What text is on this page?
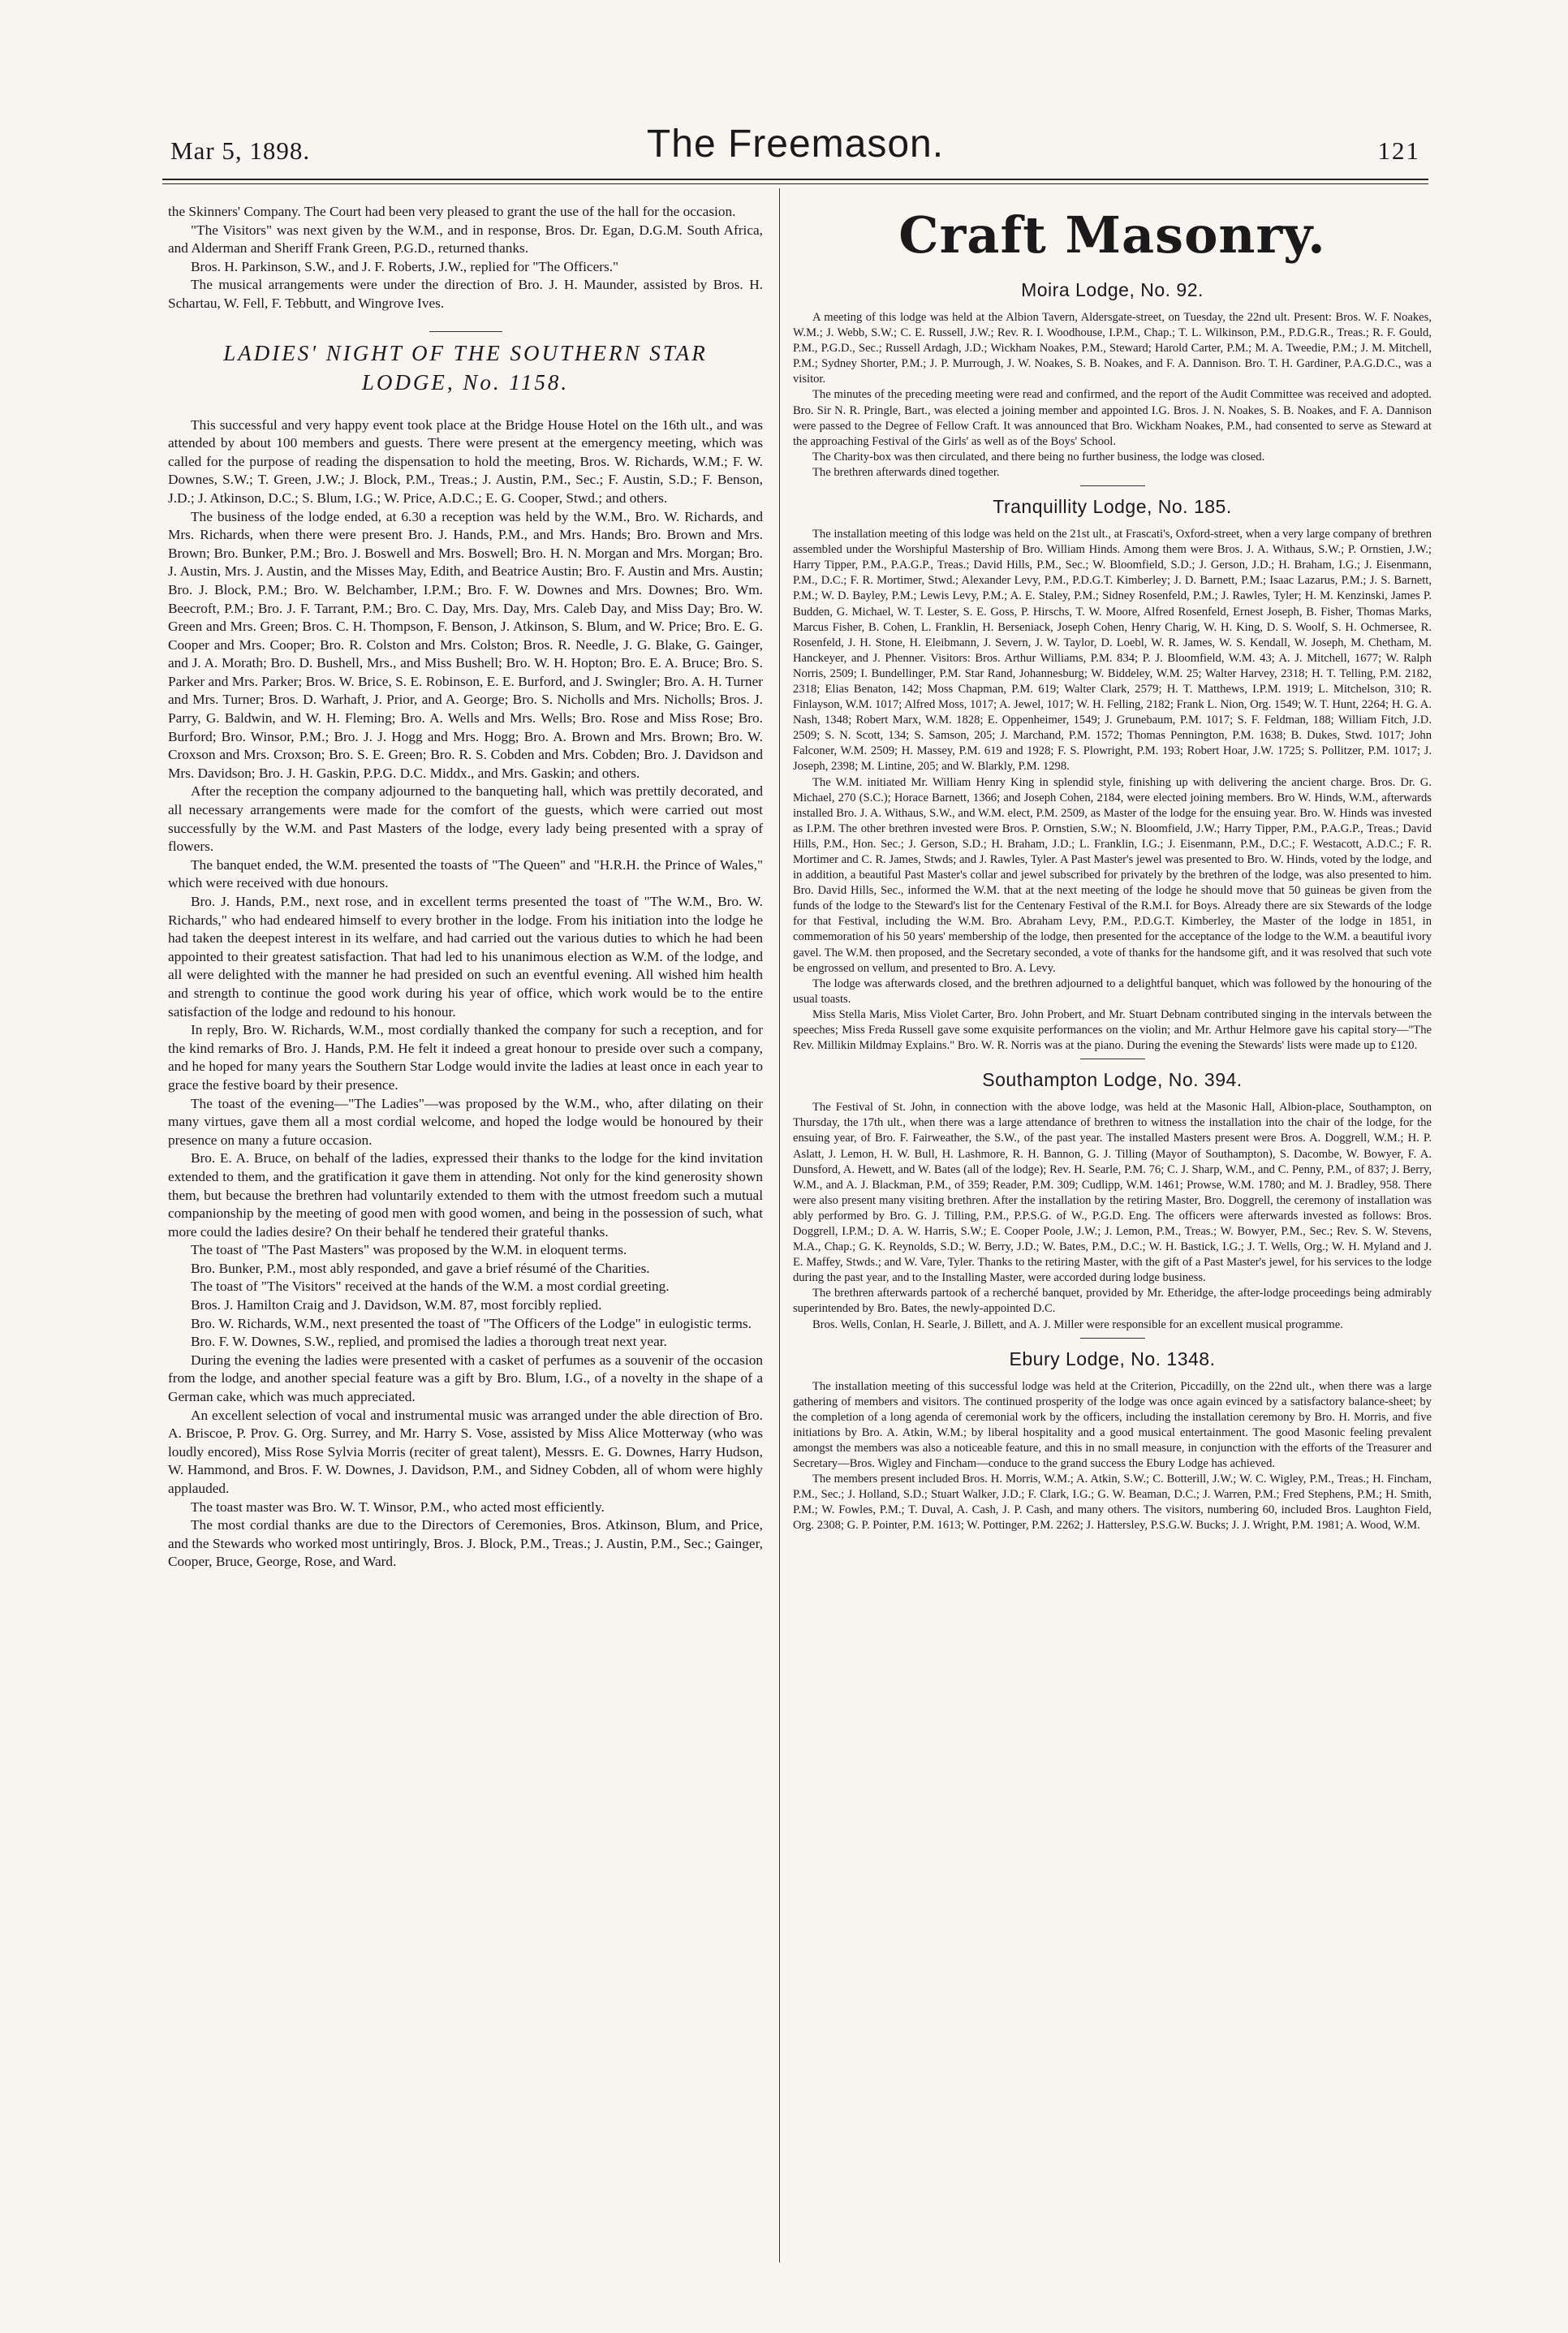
Mar 5, 1898.	The Freemason.	121

the Skinners' Company. The Court had been very pleased to grant the use of the hall for the occasion.

"The Visitors" was next given by the W.M., and in response, Bros. Dr. Egan, D.G.M. South Africa, and Alderman and Sheriff Frank Green, P.G.D., returned thanks.

Bros. H. Parkinson, S.W., and J. F. Roberts, J.W., replied for "The Officers."

The musical arrangements were under the direction of Bro. J. H. Maunder, assisted by Bros. H. Schartau, W. Fell, F. Tebbutt, and Wingrove Ives.

LADIES' NIGHT OF THE SOUTHERN STAR
LODGE, No. 1158.

This successful and very happy event took place at the Bridge House Hotel on the 16th ult., and was attended by about 100 members and guests. There were present at the emergency meeting, which was called for the purpose of reading the dispensation to hold the meeting, Bros. W. Richards, W.M.; F. W. Downes, S.W.; T. Green, J.W.; J. Block, P.M., Treas.; J. Austin, P.M., Sec.; F. Austin, S.D.; F. Benson, J.D.; J. Atkinson, D.C.; S. Blum, I.G.; W. Price, A.D.C.; E. G. Cooper, Stwd.; and others.

The business of the lodge ended, at 6.30 a reception was held by the W.M., Bro. W. Richards, and Mrs. Richards, when there were present Bro. J. Hands, P.M., and Mrs. Hands; Bro. Brown and Mrs. Brown; Bro. Bunker, P.M.; Bro. J. Boswell and Mrs. Boswell; Bro. H. N. Morgan and Mrs. Morgan; Bro. J. Austin, Mrs. J. Austin, and the Misses May, Edith, and Beatrice Austin; Bro. F. Austin and Mrs. Austin; Bro. J. Block, P.M.; Bro. W. Belchamber, I.P.M.; Bro. F. W. Downes and Mrs. Downes; Bro. Wm. Beecroft, P.M.; Bro. J. F. Tarrant, P.M.; Bro. C. Day, Mrs. Day, Mrs. Caleb Day, and Miss Day; Bro. W. Green and Mrs. Green; Bros. C. H. Thompson, F. Benson, J. Atkinson, S. Blum, and W. Price; Bro. E. G. Cooper and Mrs. Cooper; Bro. R. Colston and Mrs. Colston; Bros. R. Needle, J. G. Blake, G. Gainger, and J. A. Morath; Bro. D. Bushell, Mrs., and Miss Bushell; Bro. W. H. Hopton; Bro. E. A. Bruce; Bro. S. Parker and Mrs. Parker; Bros. W. Brice, S. E. Robinson, E. E. Burford, and J. Swingler; Bro. A. H. Turner and Mrs. Turner; Bros. D. Warhaft, J. Prior, and A. George; Bro. S. Nicholls and Mrs. Nicholls; Bros. J. Parry, G. Baldwin, and W. H. Fleming; Bro. A. Wells and Mrs. Wells; Bro. Rose and Miss Rose; Bro. Burford; Bro. Winsor, P.M.; Bro. J. J. Hogg and Mrs. Hogg; Bro. A. Brown and Mrs. Brown; Bro. W. Croxson and Mrs. Croxson; Bro. S. E. Green; Bro. R. S. Cobden and Mrs. Cobden; Bro. J. Davidson and Mrs. Davidson; Bro. J. H. Gaskin, P.P.G. D.C. Middx., and Mrs. Gaskin; and others.

After the reception the company adjourned to the banqueting hall, which was prettily decorated, and all necessary arrangements were made for the comfort of the guests, which were carried out most successfully by the W.M. and Past Masters of the lodge, every lady being presented with a spray of flowers.

The banquet ended, the W.M. presented the toasts of "The Queen" and "H.R.H. the Prince of Wales," which were received with due honours.

Bro. J. Hands, P.M., next rose, and in excellent terms presented the toast of "The W.M., Bro. W. Richards," who had endeared himself to every brother in the lodge. From his initiation into the lodge he had taken the deepest interest in its welfare, and had carried out the various duties to which he had been appointed to their greatest satisfaction. That had led to his unanimous election as W.M. of the lodge, and all were delighted with the manner he had presided on such an eventful evening. All wished him health and strength to continue the good work during his year of office, which work would be to the entire satisfaction of the lodge and redound to his honour.

In reply, Bro. W. Richards, W.M., most cordially thanked the company for such a reception, and for the kind remarks of Bro. J. Hands, P.M. He felt it indeed a great honour to preside over such a company, and he hoped for many years the Southern Star Lodge would invite the ladies at least once in each year to grace the festive board by their presence.

The toast of the evening—"The Ladies"—was proposed by the W.M., who, after dilating on their many virtues, gave them all a most cordial welcome, and hoped the lodge would be honoured by their presence on many a future occasion.

Bro. E. A. Bruce, on behalf of the ladies, expressed their thanks to the lodge for the kind invitation extended to them, and the gratification it gave them in attending. Not only for the kind generosity shown them, but because the brethren had voluntarily extended to them with the utmost freedom such a mutual companionship by the meeting of good men with good women, and being in the possession of such, what more could the ladies desire? On their behalf he tendered their grateful thanks.

The toast of "The Past Masters" was proposed by the W.M. in eloquent terms.

Bro. Bunker, P.M., most ably responded, and gave a brief résumé of the Charities.

The toast of "The Visitors" received at the hands of the W.M. a most cordial greeting.

Bros. J. Hamilton Craig and J. Davidson, W.M. 87, most forcibly replied.

Bro. W. Richards, W.M., next presented the toast of "The Officers of the Lodge" in eulogistic terms.

Bro. F. W. Downes, S.W., replied, and promised the ladies a thorough treat next year.

During the evening the ladies were presented with a casket of perfumes as a souvenir of the occasion from the lodge, and another special feature was a gift by Bro. Blum, I.G., of a novelty in the shape of a German cake, which was much appreciated.

An excellent selection of vocal and instrumental music was arranged under the able direction of Bro. A. Briscoe, P. Prov. G. Org. Surrey, and Mr. Harry S. Vose, assisted by Miss Alice Motterway (who was loudly encored), Miss Rose Sylvia Morris (reciter of great talent), Messrs. E. G. Downes, Harry Hudson, W. Hammond, and Bros. F. W. Downes, J. Davidson, P.M., and Sidney Cobden, all of whom were highly applauded.

The toast master was Bro. W. T. Winsor, P.M., who acted most efficiently.

The most cordial thanks are due to the Directors of Ceremonies, Bros. Atkinson, Blum, and Price, and the Stewards who worked most untiringly, Bros. J. Block, P.M., Treas.; J. Austin, P.M., Sec.; Gainger, Cooper, Bruce, George, Rose, and Ward.

Craft Masonry.
Moira Lodge, No. 92.

A meeting of this lodge was held at the Albion Tavern, Aldersgate-street, on Tuesday, the 22nd ult. Present: Bros. W. F. Noakes, W.M.; J. Webb, S.W.; C. E. Russell, J.W.; Rev. R. I. Woodhouse, I.P.M., Chap.; T. L. Wilkinson, P.M., P.D.G.R., Treas.; R. F. Gould, P.M., P.G.D., Sec.; Russell Ardagh, J.D.; Wickham Noakes, P.M., Steward; Harold Carter, P.M.; M. A. Tweedie, P.M.; J. M. Mitchell, P.M.; Sydney Shorter, P.M.; J. P. Murrough, J. W. Noakes, S. B. Noakes, and F. A. Dannison. Bro. T. H. Gardiner, P.A.G.D.C., was a visitor.

The minutes of the preceding meeting were read and confirmed, and the report of the Audit Committee was received and adopted. Bro. Sir N. R. Pringle, Bart., was elected a joining member and appointed I.G. Bros. J. N. Noakes, S. B. Noakes, and F. A. Dannison were passed to the Degree of Fellow Craft. It was announced that Bro. Wickham Noakes, P.M., had consented to serve as Steward at the approaching Festival of the Girls' as well as of the Boys' School.

The Charity-box was then circulated, and there being no further business, the lodge was closed.

The brethren afterwards dined together.

Tranquillity Lodge, No. 185.

The installation meeting of this lodge was held on the 21st ult., at Frascati's, Oxford-street, when a very large company of brethren assembled under the Worshipful Mastership of Bro. William Hinds. Among them were Bros. J. A. Withaus, S.W.; P. Ornstien, J.W.; Harry Tipper, P.M., P.A.G.P., Treas.; David Hills, P.M., Sec.; W. Bloomfield, S.D.; J. Gerson, J.D.; H. Braham, I.G.; J. Eisenmann, P.M., D.C.; F. R. Mortimer, Stwd.; Alexander Levy, P.M., P.D.G.T. Kimberley; J. D. Barnett, P.M.; Isaac Lazarus, P.M.; J. S. Barnett, P.M.; W. D. Bayley, P.M.; Lewis Levy, P.M.; A. E. Staley, P.M.; Sidney Rosenfeld, P.M.; J. Rawles, Tyler; H. M. Kenzinski, James P. Budden, G. Michael, W. T. Lester, S. E. Goss, P. Hirschs, T. W. Moore, Alfred Rosenfeld, Ernest Joseph, B. Fisher, Thomas Marks, Marcus Fisher, B. Cohen, L. Franklin, H. Berseniack, Joseph Cohen, Henry Charig, W. H. King, D. S. Woolf, S. H. Ochmersee, R. Rosenfeld, J. H. Stone, H. Eleibmann, J. Severn, J. W. Taylor, D. Loebl, W. R. James, W. S. Kendall, W. Joseph, M. Chetham, M. Hanckeyer, and J. Phenner. Visitors: Bros. Arthur Williams, P.M. 834; P. J. Bloomfield, W.M. 43; A. J. Mitchell, 1677; W. Ralph Norris, 2509; I. Bundellinger, P.M. Star Rand, Johannesburg; W. Biddeley, W.M. 25; Walter Harvey, 2318; H. T. Telling, P.M. 2182, 2318; Elias Benaton, 142; Moss Chapman, P.M. 619; Walter Clark, 2579; H. T. Matthews, I.P.M. 1919; L. Mitchelson, 310; R. Finlayson, W.M. 1017; Alfred Moss, 1017; A. Jewel, 1017; W. H. Felling, 2182; Frank L. Nion, Org. 1549; W. T. Hunt, 2264; H. G. A. Nash, 1348; Robert Marx, W.M. 1828; E. Oppenheimer, 1549; J. Grunebaum, P.M. 1017; S. F. Feldman, 188; William Fitch, J.D. 2509; S. N. Scott, 134; S. Samson, 205; J. Marchand, P.M. 1572; Thomas Pennington, P.M. 1638; B. Dukes, Stwd. 1017; John Falconer, W.M. 2509; H. Massey, P.M. 619 and 1928; F. S. Plowright, P.M. 193; Robert Hoar, J.W. 1725; S. Pollitzer, P.M. 1017; J. Joseph, 2398; M. Lintine, 205; and W. Blarkly, P.M. 1298.

The W.M. initiated Mr. William Henry King in splendid style, finishing up with delivering the ancient charge. Bros. Dr. G. Michael, 270 (S.C.); Horace Barnett, 1366; and Joseph Cohen, 2184, were elected joining members. Bro W. Hinds, W.M., afterwards installed Bro. J. A. Withaus, S.W., and W.M. elect, P.M. 2509, as Master of the lodge for the ensuing year. Bro. W. Hinds was invested as I.P.M. The other brethren invested were Bros. P. Ornstien, S.W.; N. Bloomfield, J.W.; Harry Tipper, P.M., P.A.G.P., Treas.; David Hills, P.M., Hon. Sec.; J. Gerson, S.D.; H. Braham, J.D.; L. Franklin, I.G.; J. Eisenmann, P.M., D.C.; F. Westacott, A.D.C.; F. R. Mortimer and C. R. James, Stwds; and J. Rawles, Tyler. A Past Master's jewel was presented to Bro. W. Hinds, voted by the lodge, and in addition, a beautiful Past Master's collar and jewel subscribed for privately by the brethren of the lodge, was also presented to him. Bro. David Hills, Sec., informed the W.M. that at the next meeting of the lodge he should move that 50 guineas be given from the funds of the lodge to the Steward's list for the Centenary Festival of the R.M.I. for Boys. Already there are six Stewards of the lodge for that Festival, including the W.M. Bro. Abraham Levy, P.M., P.D.G.T. Kimberley, the Master of the lodge in 1851, in commemoration of his 50 years' membership of the lodge, then presented for the acceptance of the lodge to the W.M. a beautiful ivory gavel. The W.M. then proposed, and the Secretary seconded, a vote of thanks for the handsome gift, and it was resolved that such vote be engrossed on vellum, and presented to Bro. A. Levy.

The lodge was afterwards closed, and the brethren adjourned to a delightful banquet, which was followed by the honouring of the usual toasts.

Miss Stella Maris, Miss Violet Carter, Bro. John Probert, and Mr. Stuart Debnam contributed singing in the intervals between the speeches; Miss Freda Russell gave some exquisite performances on the violin; and Mr. Arthur Helmore gave his capital story—"The Rev. Millikin Mildmay Explains." Bro. W. R. Norris was at the piano. During the evening the Stewards' lists were made up to £120.

Southampton Lodge, No. 394.

The Festival of St. John, in connection with the above lodge, was held at the Masonic Hall, Albion-place, Southampton, on Thursday, the 17th ult., when there was a large attendance of brethren to witness the installation into the chair of the lodge, for the ensuing year, of Bro. F. Fairweather, the S.W., of the past year. The installed Masters present were Bros. A. Doggrell, W.M.; H. P. Aslatt, J. Lemon, H. W. Bull, H. Lashmore, R. H. Bannon, G. J. Tilling (Mayor of Southampton), S. Dacombe, W. Bowyer, F. A. Dunsford, A. Hewett, and W. Bates (all of the lodge); Rev. H. Searle, P.M. 76; C. J. Sharp, W.M., and C. Penny, P.M., of 837; J. Berry, W.M., and A. J. Blackman, P.M., of 359; Reader, P.M. 309; Cudlipp, W.M. 1461; Prowse, W.M. 1780; and M. J. Bradley, 958. There were also present many visiting brethren. After the installation by the retiring Master, Bro. Doggrell, the ceremony of installation was ably performed by Bro. G. J. Tilling, P.M., P.P.S.G. of W., P.G.D. Eng. The officers were afterwards invested as follows: Bros. Doggrell, I.P.M.; D. A. W. Harris, S.W.; E. Cooper Poole, J.W.; J. Lemon, P.M., Treas.; W. Bowyer, P.M., Sec.; Rev. S. W. Stevens, M.A., Chap.; G. K. Reynolds, S.D.; W. Berry, J.D.; W. Bates, P.M., D.C.; W. H. Bastick, I.G.; J. T. Wells, Org.; W. H. Myland and J. E. Maffey, Stwds.; and W. Vare, Tyler. Thanks to the retiring Master, with the gift of a Past Master's jewel, for his services to the lodge during the past year, and to the Installing Master, were accorded during lodge business.

The brethren afterwards partook of a recherché banquet, provided by Mr. Etheridge, the after-lodge proceedings being admirably superintended by Bro. Bates, the newly-appointed D.C.

Bros. Wells, Conlan, H. Searle, J. Billett, and A. J. Miller were responsible for an excellent musical programme.

Ebury Lodge, No. 1348.

The installation meeting of this successful lodge was held at the Criterion, Piccadilly, on the 22nd ult., when there was a large gathering of members and visitors. The continued prosperity of the lodge was once again evinced by a satisfactory balance-sheet; by the completion of a long agenda of ceremonial work by the officers, including the installation ceremony by Bro. H. Morris, and five initiations by Bro. A. Atkin, W.M.; by liberal hospitality and a good musical entertainment. The good Masonic feeling prevalent amongst the members was also a noticeable feature, and this in no small measure, in conjunction with the efforts of the Treasurer and Secretary—Bros. Wigley and Fincham—conduce to the grand success the Ebury Lodge has achieved.

The members present included Bros. H. Morris, W.M.; A. Atkin, S.W.; C. Botterill, J.W.; W. C. Wigley, P.M., Treas.; H. Fincham, P.M., Sec.; J. Holland, S.D.; Stuart Walker, J.D.; F. Clark, I.G.; G. W. Beaman, D.C.; J. Warren, P.M.; Fred Stephens, P.M.; H. Smith, P.M.; W. Fowles, P.M.; T. Duval, A. Cash, J. P. Cash, and many others. The visitors, numbering 60, included Bros. Laughton Field, Org. 2308; G. P. Pointer, P.M. 1613; W. Pottinger, P.M. 2262; J. Hattersley, P.S.G.W. Bucks; J. J. Wright, P.M. 1981; A. Wood, W.M.
